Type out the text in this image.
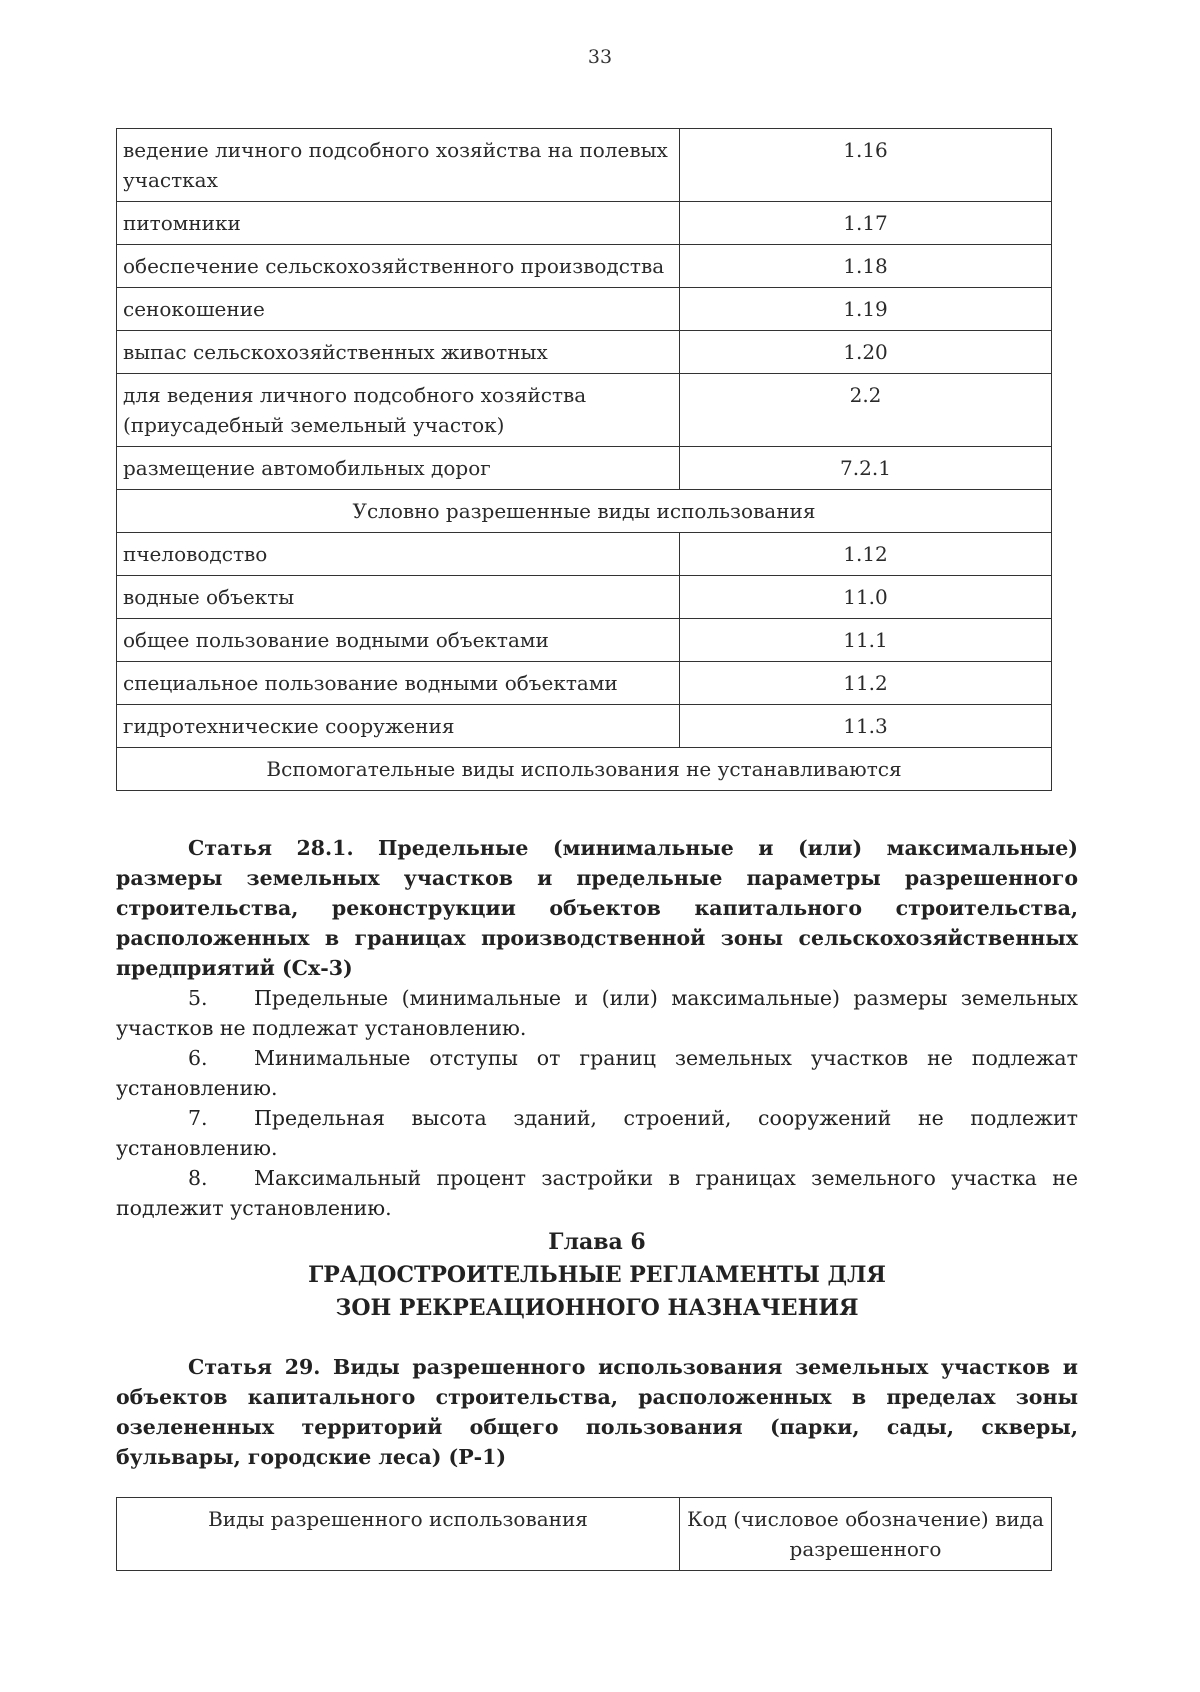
33
ведение личного подсобного хозяйства на полевых участках	1.16
питомники	1.17
обеспечение сельскохозяйственного производства	1.18
сенокошение	1.19
выпас сельскохозяйственных животных	1.20
для ведения личного подсобного хозяйства (приусадебный земельный участок)	2.2
размещение автомобильных дорог	7.2.1
Условно разрешенные виды использования	
пчеловодство	1.12
водные объекты	11.0
общее пользование водными объектами	11.1
специальное пользование водными объектами	11.2
гидротехнические сооружения	11.3
Вспомогательные виды использования не устанавливаются	
Статья 28.1. Предельные (минимальные и (или) максимальные) размеры земельных участков и предельные параметры разрешенного строительства, реконструкции объектов капитального строительства, расположенных в границах производственной зоны сельскохозяйственных предприятий (Сх-3)
5. Предельные (минимальные и (или) максимальные) размеры земельных участков не подлежат установлению.
6. Минимальные отступы от границ земельных участков не подлежат установлению.
7. Предельная высота зданий, строений, сооружений не подлежит установлению.
8. Максимальный процент застройки в границах земельного участка не подлежит установлению.
Глава 6
ГРАДОСТРОИТЕЛЬНЫЕ РЕГЛАМЕНТЫ ДЛЯ
ЗОН РЕКРЕАЦИОННОГО НАЗНАЧЕНИЯ
Статья 29. Виды разрешенного использования земельных участков и объектов капитального строительства, расположенных в пределах зоны озелененных территорий общего пользования (парки, сады, скверы, бульвары, городские леса) (Р-1)
Виды разрешенного использования	Код (числовое обозначение) вида разрешенного
